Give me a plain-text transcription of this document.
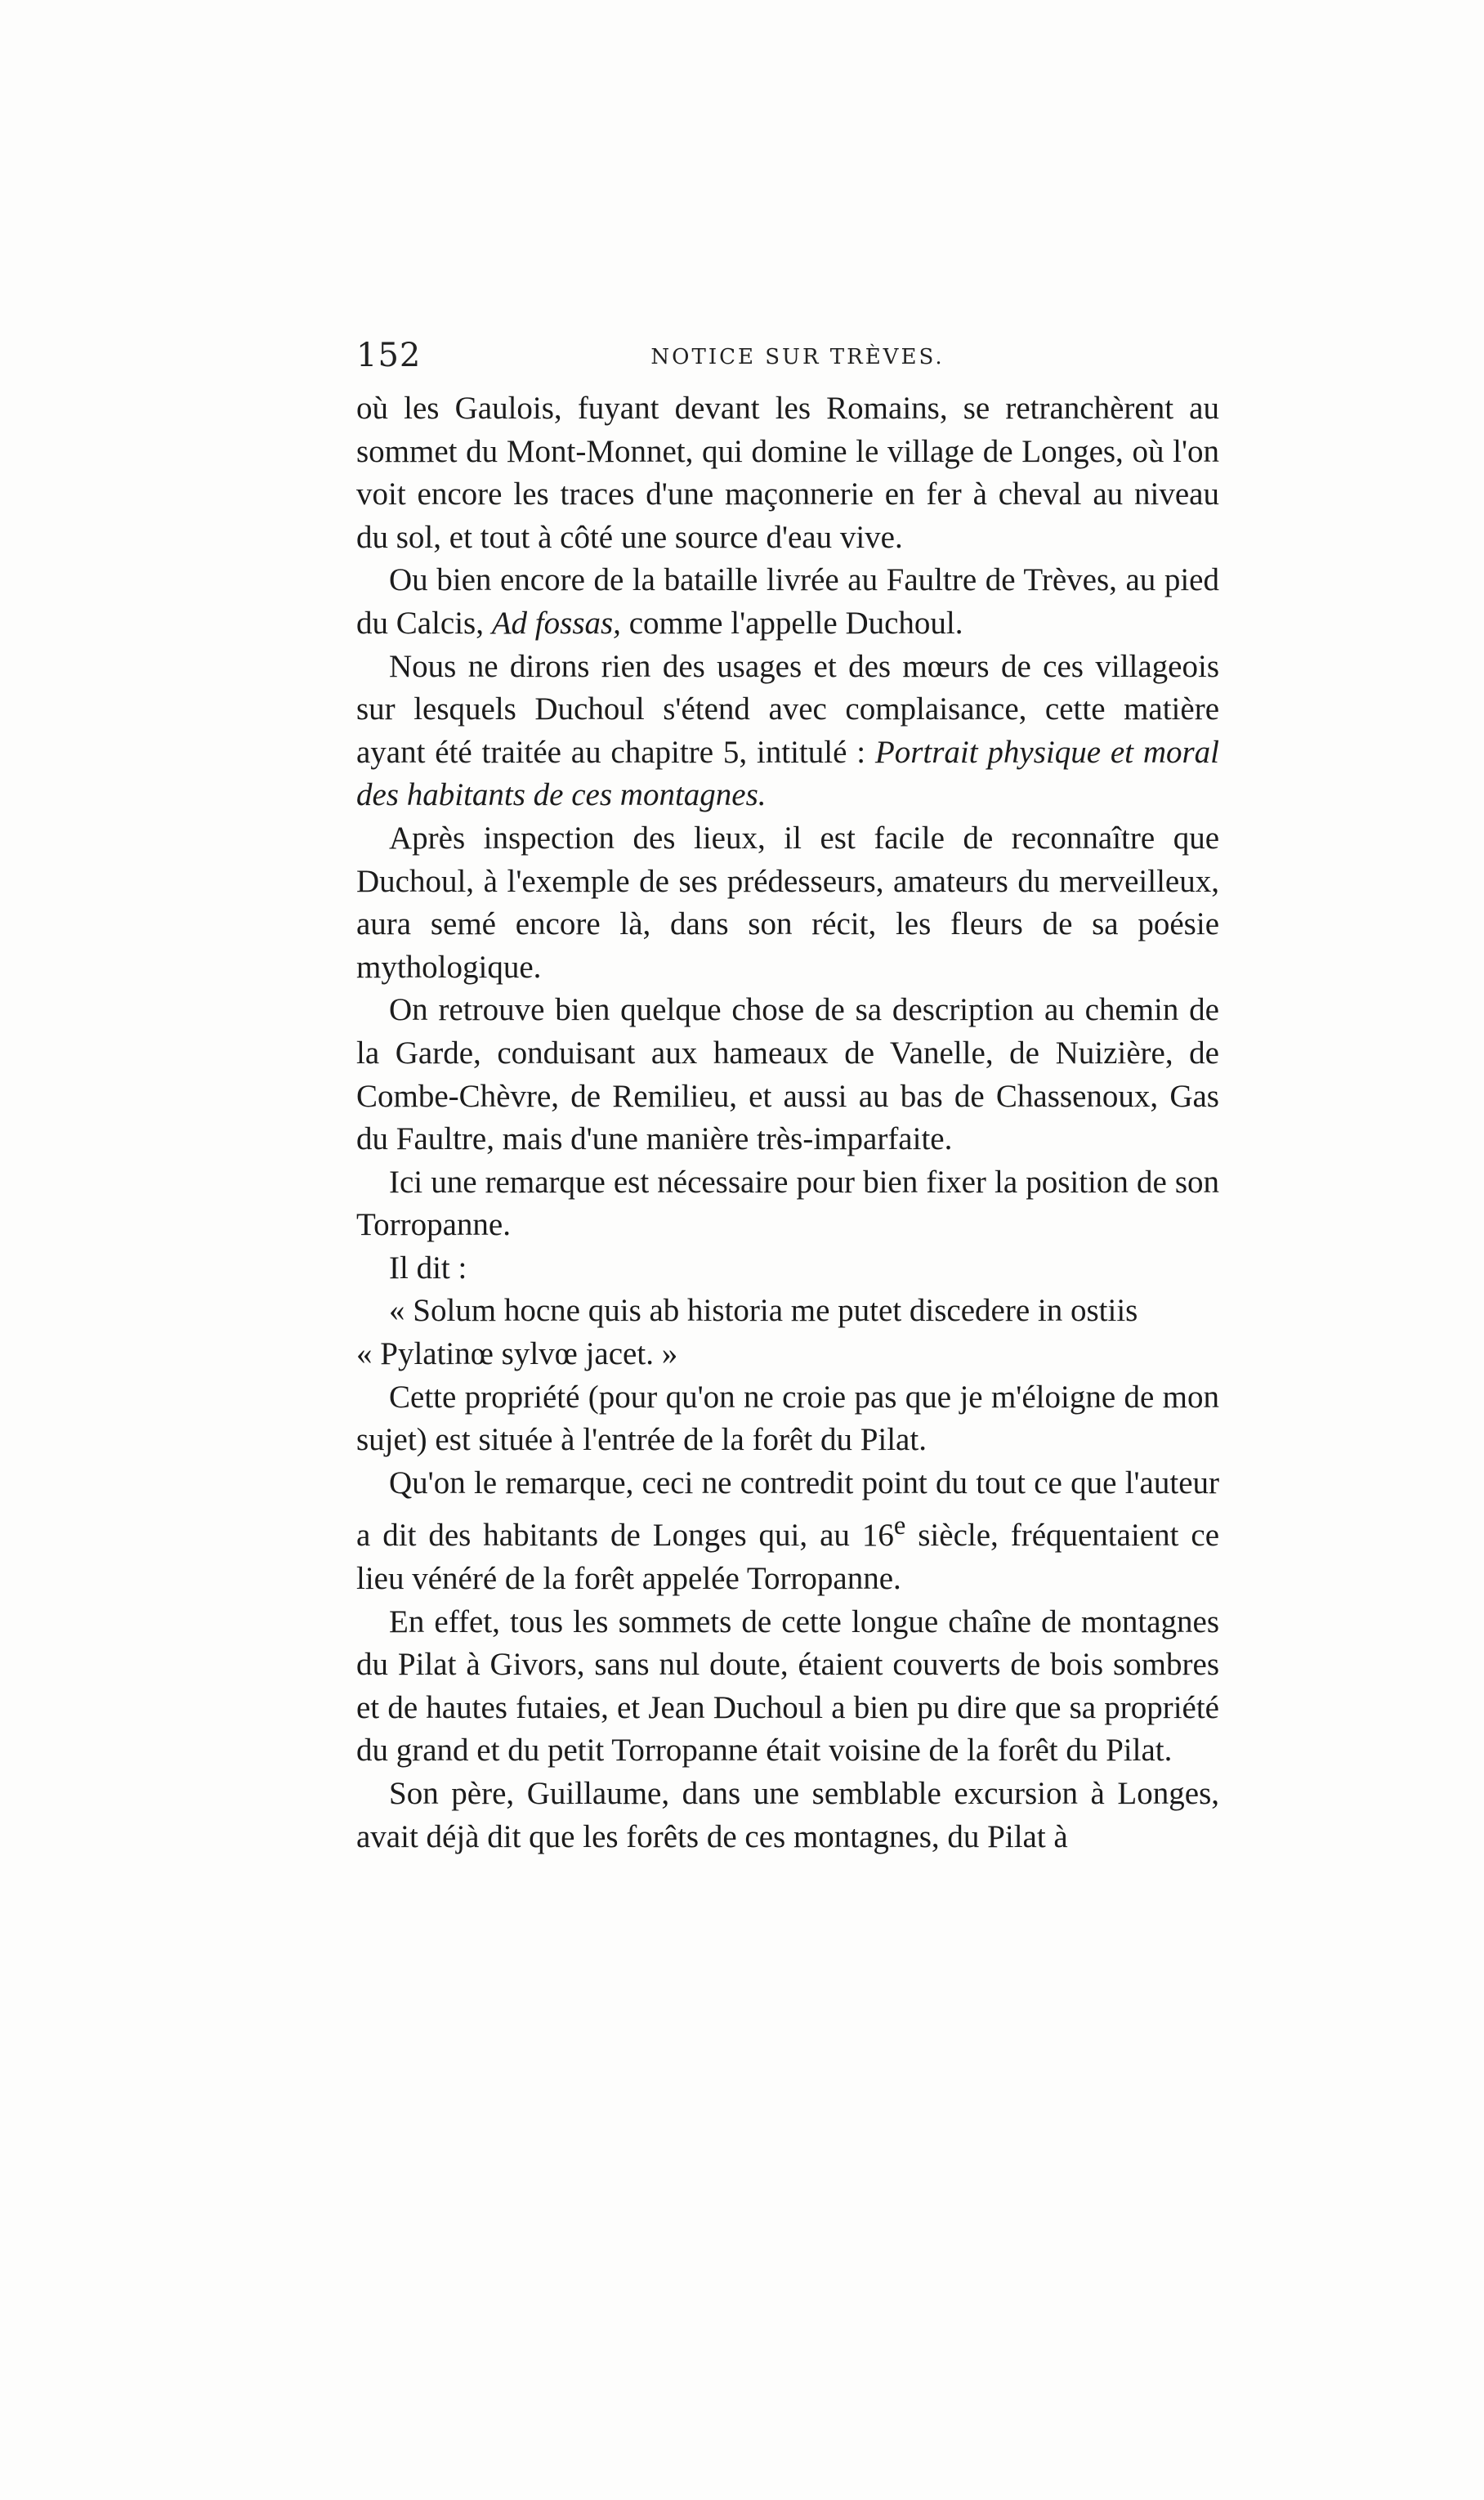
152	NOTICE SUR TRÈVES.

où les Gaulois, fuyant devant les Romains, se retranchèrent au sommet du Mont-Monnet, qui domine le village de Longes, où l'on voit encore les traces d'une maçonnerie en fer à cheval au niveau du sol, et tout à côté une source d'eau vive.

Ou bien encore de la bataille livrée au Faultre de Trèves, au pied du Calcis, Ad fossas, comme l'appelle Duchoul.

Nous ne dirons rien des usages et des mœurs de ces villageois sur lesquels Duchoul s'étend avec complaisance, cette matière ayant été traitée au chapitre 5, intitulé : Portrait physique et moral des habitants de ces montagnes.

Après inspection des lieux, il est facile de reconnaître que Duchoul, à l'exemple de ses prédesseurs, amateurs du merveilleux, aura semé encore là, dans son récit, les fleurs de sa poésie mythologique.

On retrouve bien quelque chose de sa description au chemin de la Garde, conduisant aux hameaux de Vanelle, de Nuizière, de Combe-Chèvre, de Remilieu, et aussi au bas de Chassenoux, Gas du Faultre, mais d'une manière très-imparfaite.

Ici une remarque est nécessaire pour bien fixer la position de son Torropanne.

Il dit :

« Solum hocne quis ab historia me putet discedere in ostiis
« Pylatinœ sylvœ jacet. »

Cette propriété (pour qu'on ne croie pas que je m'éloigne de mon sujet) est située à l'entrée de la forêt du Pilat.

Qu'on le remarque, ceci ne contredit point du tout ce que l'auteur a dit des habitants de Longes qui, au 16e siècle, fréquentaient ce lieu vénéré de la forêt appelée Torropanne.

En effet, tous les sommets de cette longue chaîne de montagnes du Pilat à Givors, sans nul doute, étaient couverts de bois sombres et de hautes futaies, et Jean Duchoul a bien pu dire que sa propriété du grand et du petit Torropanne était voisine de la forêt du Pilat.

Son père, Guillaume, dans une semblable excursion à Longes, avait déjà dit que les forêts de ces montagnes, du Pilat à
